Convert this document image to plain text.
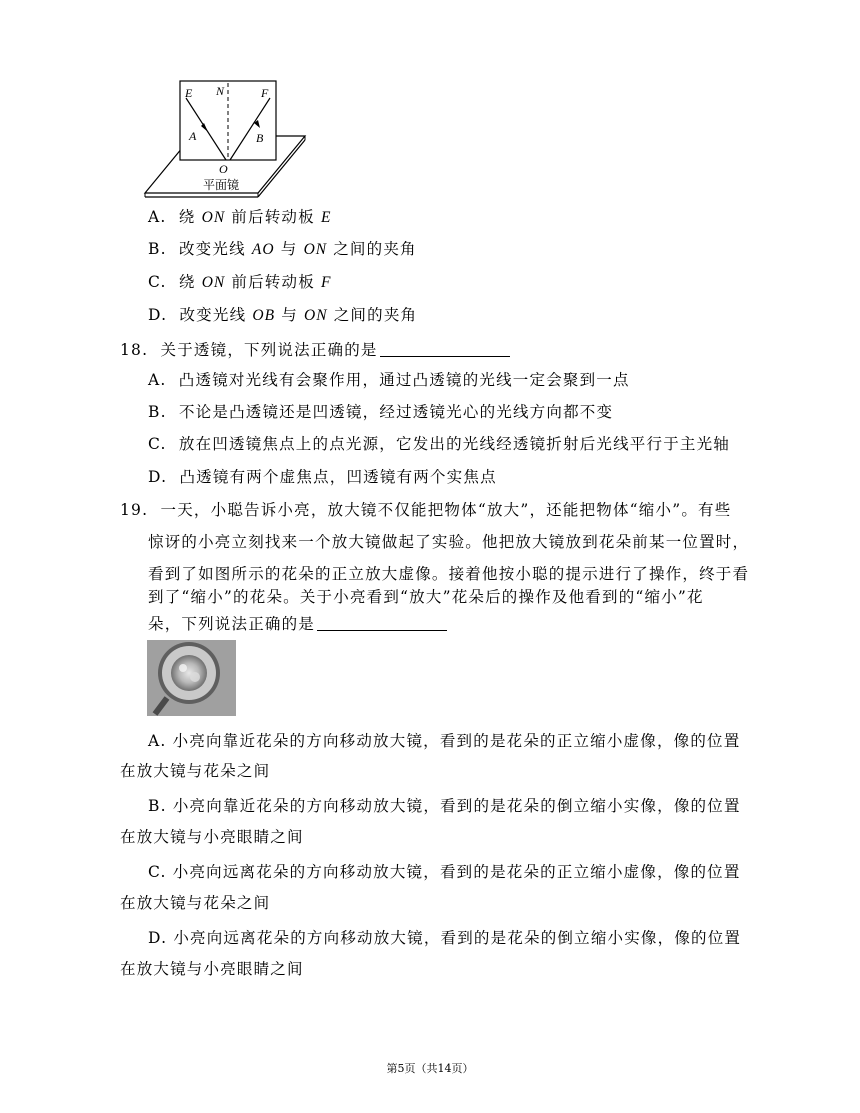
E N	F
A	B
O
平面镜
A. 绕 ON 前后转动板 E
B. 改变光线 AO 与 ON 之间的夹角
C. 绕 ON 前后转动板 F
D. 改变光线 OB 与 ON 之间的夹角
18. 关于透镜，下列说法正确的是
A. 凸透镜对光线有会聚作用，通过凸透镜的光线一定会聚到一点
B. 不论是凸透镜还是凹透镜，经过透镜光心的光线方向都不变
C. 放在凹透镜焦点上的点光源，它发出的光线经透镜折射后光线平行于主光轴
D. 凸透镜有两个虚焦点，凹透镜有两个实焦点
19. 一天，小聪告诉小亮，放大镜不仅能把物体“放大”，还能把物体“缩小”。有些
惊讶的小亮立刻找来一个放大镜做起了实验。他把放大镜放到花朵前某一位置时，
看到了如图所示的花朵的正立放大虚像。接着他按小聪的提示进行了操作，终于看
到了“缩小”的花朵。关于小亮看到“放大”花朵后的操作及他看到的“缩小”花
朵，下列说法正确的是
A. 小亮向靠近花朵的方向移动放大镜，看到的是花朵的正立缩小虚像，像的位置
在放大镜与花朵之间
B. 小亮向靠近花朵的方向移动放大镜，看到的是花朵的倒立缩小实像，像的位置
在放大镜与小亮眼睛之间
C. 小亮向远离花朵的方向移动放大镜，看到的是花朵的正立缩小虚像，像的位置
在放大镜与花朵之间
D. 小亮向远离花朵的方向移动放大镜，看到的是花朵的倒立缩小实像，像的位置
在放大镜与小亮眼睛之间
第5页（共14页）
